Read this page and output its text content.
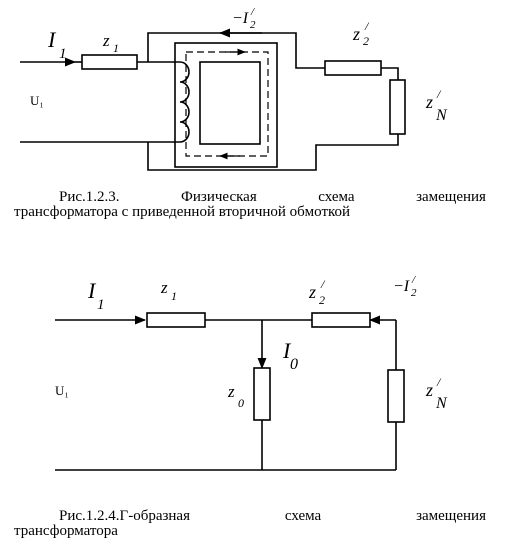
I
1
z 1
−I 2
/
z 2
/
z
N
/
U₁
I
1
z 1	z 2
/	−I 2
/
I
0
z
0
z
N
/
U₁
Рис.1.2.3.	Физическая	схема	замещения
трансформатора с приведенной вторичной обмоткой
Рис.1.2.4.Г-образная	схема	замещения
трансформатора
